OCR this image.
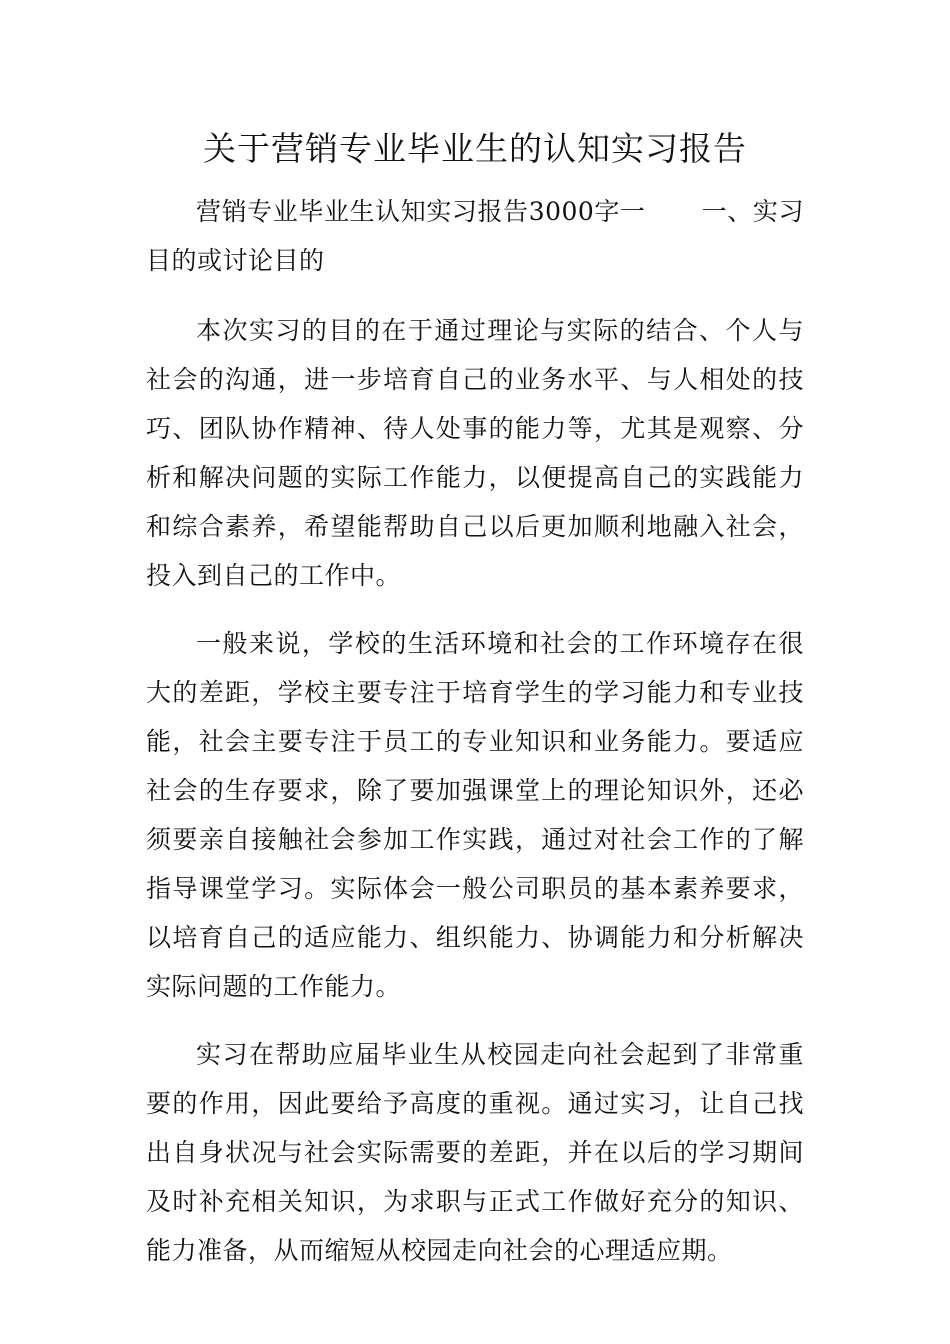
关于营销专业毕业生的认知实习报告

营销专业毕业生认知实习报告3000字一 一、实习目的或讨论目的

本次实习的目的在于通过理论与实际的结合、个人与社会的沟通，进一步培育自己的业务水平、与人相处的技巧、团队协作精神、待人处事的能力等，尤其是观察、分析和解决问题的实际工作能力，以便提高自己的实践能力和综合素养，希望能帮助自己以后更加顺利地融入社会，投入到自己的工作中。

一般来说，学校的生活环境和社会的工作环境存在很大的差距，学校主要专注于培育学生的学习能力和专业技能，社会主要专注于员工的专业知识和业务能力。要适应社会的生存要求，除了要加强课堂上的理论知识外，还必须要亲自接触社会参加工作实践，通过对社会工作的了解指导课堂学习。实际体会一般公司职员的基本素养要求，以培育自己的适应能力、组织能力、协调能力和分析解决实际问题的工作能力。

实习在帮助应届毕业生从校园走向社会起到了非常重要的作用，因此要给予高度的重视。通过实习，让自己找出自身状况与社会实际需要的差距，并在以后的学习期间及时补充相关知识，为求职与正式工作做好充分的知识、能力准备，从而缩短从校园走向社会的心理适应期。
